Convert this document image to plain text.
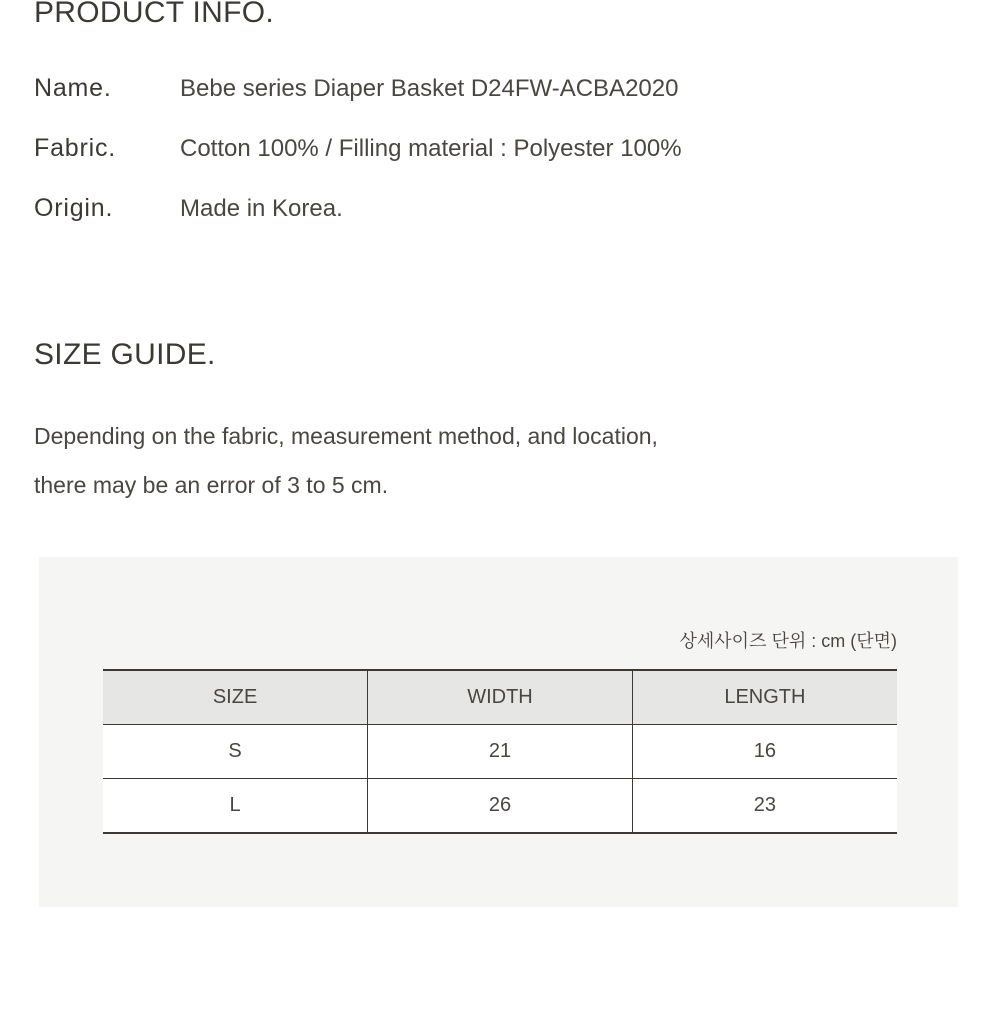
PRODUCT INFO.
Name.	Bebe series Diaper Basket D24FW-ACBA2020
Fabric.	Cotton 100% / Filling material : Polyester 100%
Origin.	Made in Korea.
SIZE GUIDE.

Depending on the fabric, measurement method, and location,

there may be an error of 3 to 5 cm.

상세사이즈 단위 : cm (단면)
SIZE	WIDTH	LENGTH
S	21	16
L	26	23
